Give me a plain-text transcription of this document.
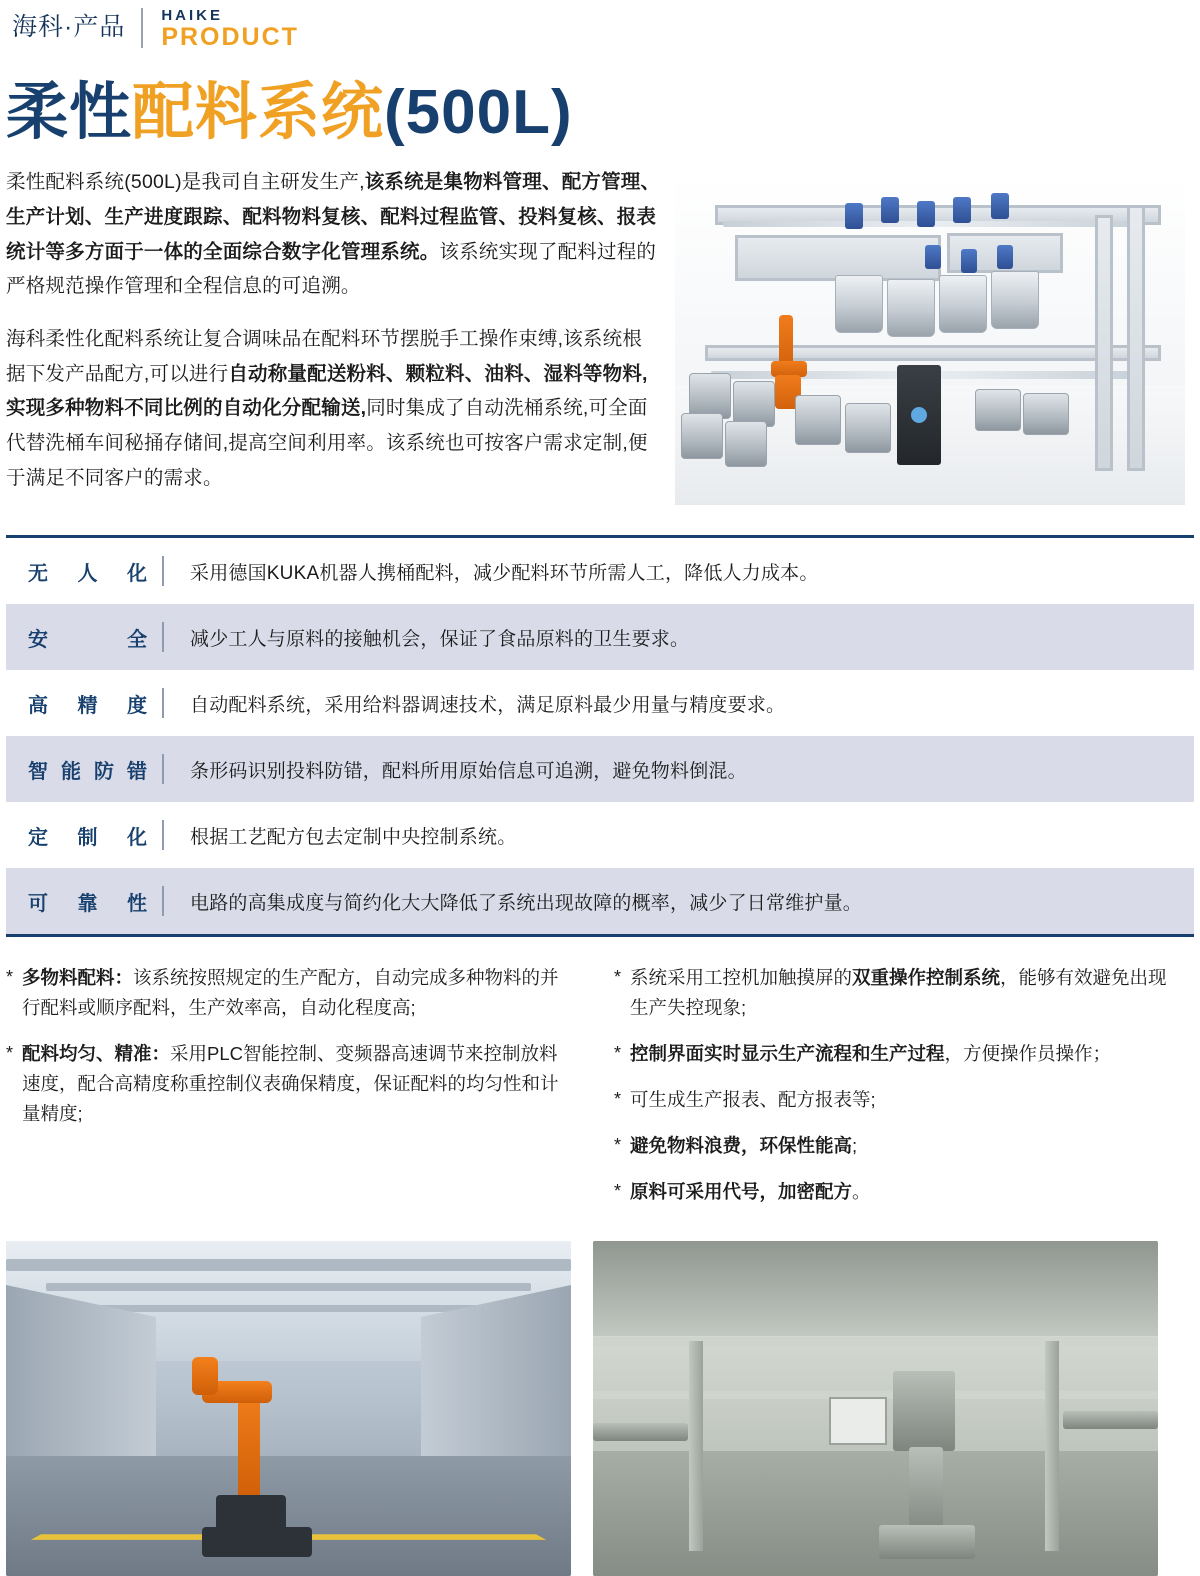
海科·产品	HAIKE
PRODUCT
柔性配料系统(500L)

柔性配料系统(500L)是我司自主研发生产,该系统是集物料管理、配方管理、生产计划、生产进度跟踪、配料物料复核、配料过程监管、投料复核、报表统计等多方面于一体的全面综合数字化管理系统。该系统实现了配料过程的严格规范操作管理和全程信息的可追溯。

海科柔性化配料系统让复合调味品在配料环节摆脱手工操作束缚,该系统根据下发产品配方,可以进行自动称量配送粉料、颗粒料、油料、湿料等物料,实现多种物料不同比例的自动化分配输送,同时集成了自动洗桶系统,可全面代替洗桶车间秘捅存储间,提高空间利用率。该系统也可按客户需求定制,便于满足不同客户的需求。

无人化	采用德国KUKA机器人携桶配料，减少配料环节所需人工，降低人力成本。
安全	减少工人与原料的接触机会，保证了食品原料的卫生要求。
高精度	自动配料系统，采用给料器调速技术，满足原料最少用量与精度要求。
智能防错	条形码识别投料防错，配料所用原始信息可追溯，避免物料倒混。
定制化	根据工艺配方包去定制中央控制系统。
可靠性	电路的高集成度与简约化大大降低了系统出现故障的概率，减少了日常维护量。
* 多物料配料：该系统按照规定的生产配方，自动完成多种物料的并行配料或顺序配料，生产效率高，自动化程度高;
* 配料均匀、精准：采用PLC智能控制、变频器高速调节来控制放料速度，配合高精度称重控制仪表确保精度，保证配料的均匀性和计量精度;
* 系统采用工控机加触摸屏的双重操作控制系统，能够有效避免出现生产失控现象;
* 控制界面实时显示生产流程和生产过程，方便操作员操作；
* 可生成生产报表、配方报表等;
* 避免物料浪费，环保性能高;
* 原料可采用代号，加密配方。
